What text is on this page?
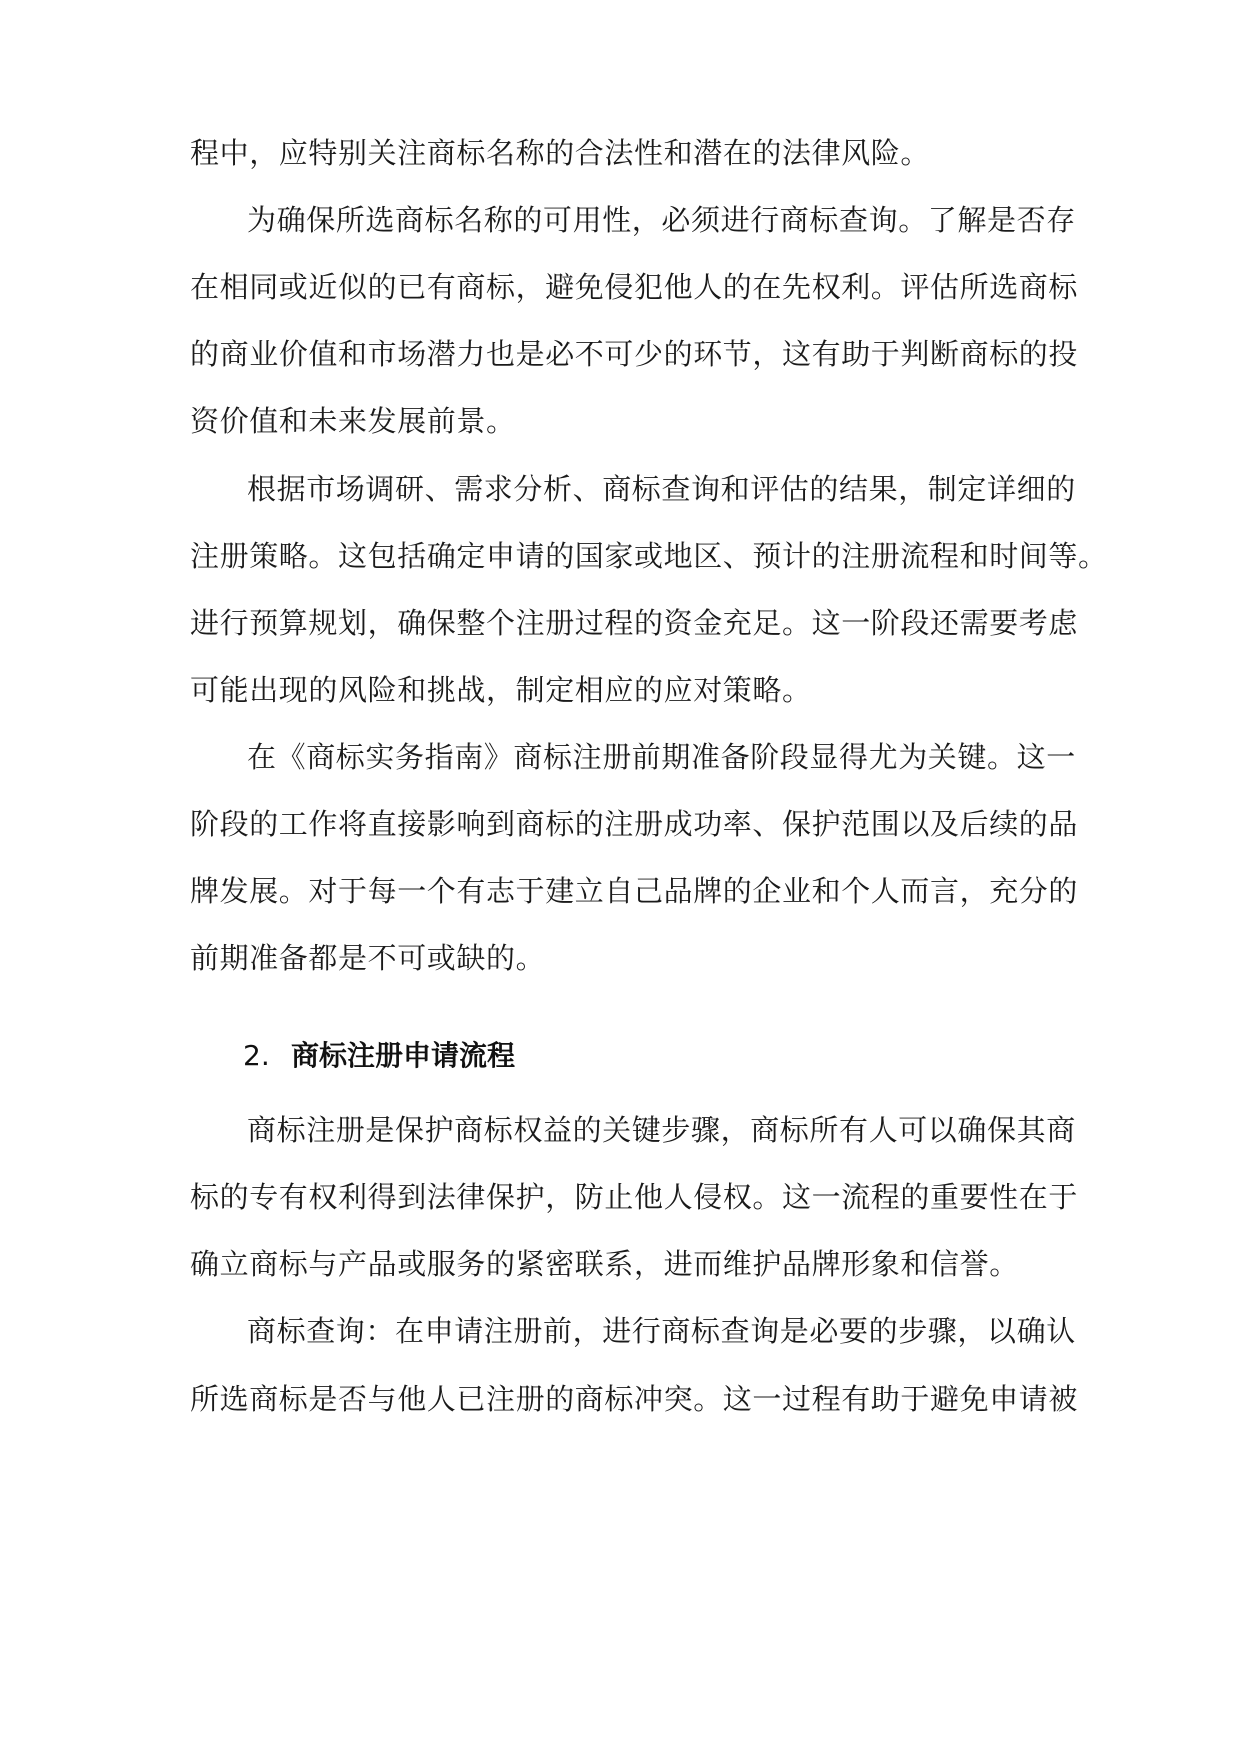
程中，应特别关注商标名称的合法性和潜在的法律风险。
为确保所选商标名称的可用性，必须进行商标查询。了解是否存
在相同或近似的已有商标，避免侵犯他人的在先权利。评估所选商标
的商业价值和市场潜力也是必不可少的环节，这有助于判断商标的投
资价值和未来发展前景。
根据市场调研、需求分析、商标查询和评估的结果，制定详细的
注册策略。这包括确定申请的国家或地区、预计的注册流程和时间等。
进行预算规划，确保整个注册过程的资金充足。这一阶段还需要考虑
可能出现的风险和挑战，制定相应的应对策略。
在《商标实务指南》商标注册前期准备阶段显得尤为关键。这一
阶段的工作将直接影响到商标的注册成功率、保护范围以及后续的品
牌发展。对于每一个有志于建立自己品牌的企业和个人而言，充分的
前期准备都是不可或缺的。
2. 商标注册申请流程
商标注册是保护商标权益的关键步骤，商标所有人可以确保其商
标的专有权利得到法律保护，防止他人侵权。这一流程的重要性在于
确立商标与产品或服务的紧密联系，进而维护品牌形象和信誉。
商标查询：在申请注册前，进行商标查询是必要的步骤，以确认
所选商标是否与他人已注册的商标冲突。这一过程有助于避免申请被
